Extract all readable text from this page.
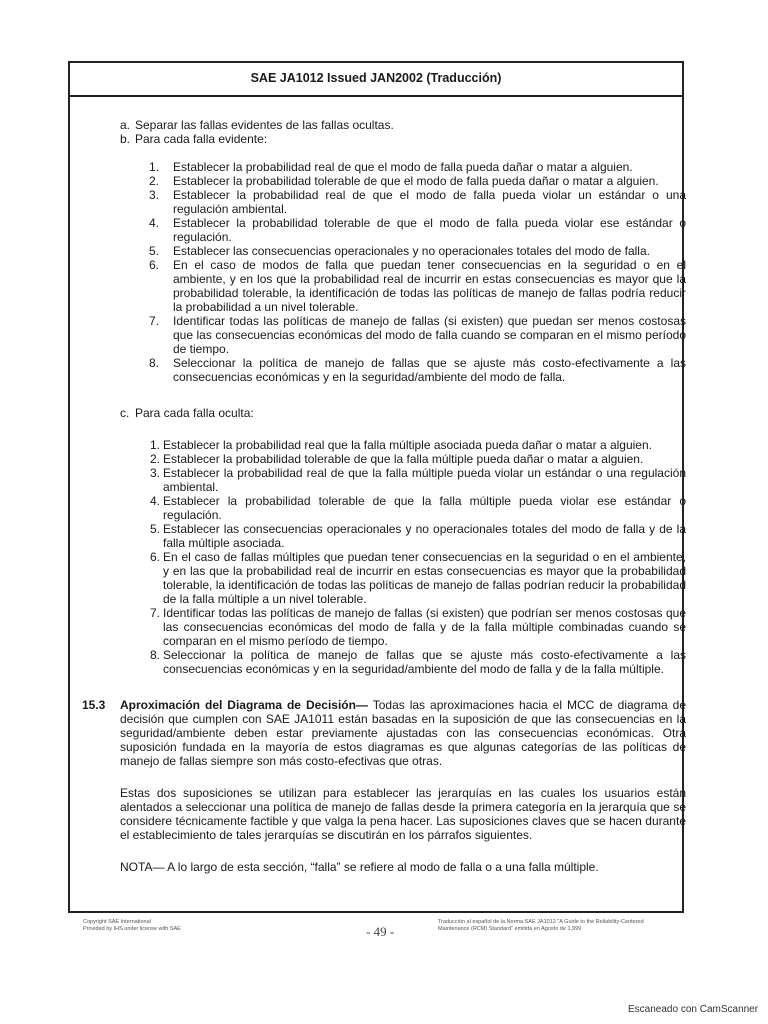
SAE JA1012 Issued JAN2002 (Traducción)
a. Separar las fallas evidentes de las fallas ocultas.
b. Para cada falla evidente:
1. Establecer la probabilidad real de que el modo de falla pueda dañar o matar a alguien.
2. Establecer la probabilidad tolerable de que el modo de falla pueda dañar o matar a alguien.
3. Establecer la probabilidad real de que el modo de falla pueda violar un estándar o una regulación ambiental.
4. Establecer la probabilidad tolerable de que el modo de falla pueda violar ese estándar o regulación.
5. Establecer las consecuencias operacionales y no operacionales totales del modo de falla.
6. En el caso de modos de falla que puedan tener consecuencias en la seguridad o en el ambiente, y en los que la probabilidad real de incurrir en estas consecuencias es mayor que la probabilidad tolerable, la identificación de todas las políticas de manejo de fallas podría reducir la probabilidad a un nivel tolerable.
7. Identificar todas las políticas de manejo de fallas (si existen) que puedan ser menos costosas que las consecuencias económicas del modo de falla cuando se comparan en el mismo período de tiempo.
8. Seleccionar la política de manejo de fallas que se ajuste más costo-efectivamente a las consecuencias económicas y en la seguridad/ambiente del modo de falla.
c. Para cada falla oculta:
1. Establecer la probabilidad real que la falla múltiple asociada pueda dañar o matar a alguien.
2. Establecer la probabilidad tolerable de que la falla múltiple pueda dañar o matar a alguien.
3. Establecer la probabilidad real de que la falla múltiple pueda violar un estándar o una regulación ambiental.
4. Establecer la probabilidad tolerable de que la falla múltiple pueda violar ese estándar o regulación.
5. Establecer las consecuencias operacionales y no operacionales totales del modo de falla y de la falla múltiple asociada.
6. En el caso de fallas múltiples que puedan tener consecuencias en la seguridad o en el ambiente, y en las que la probabilidad real de incurrir en estas consecuencias es mayor que la probabilidad tolerable, la identificación de todas las políticas de manejo de fallas podrían reducir la probabilidad de la falla múltiple a un nivel tolerable.
7. Identificar todas las políticas de manejo de fallas (si existen) que podrían ser menos costosas que las consecuencias económicas del modo de falla y de la falla múltiple combinadas cuando se comparan en el mismo período de tiempo.
8. Seleccionar la política de manejo de fallas que se ajuste más costo-efectivamente a las consecuencias económicas y en la seguridad/ambiente del modo de falla y de la falla múltiple.
15.3 Aproximación del Diagrama de Decisión— Todas las aproximaciones hacia el MCC de diagrama de decisión que cumplen con SAE JA1011 están basadas en la suposición de que las consecuencias en la seguridad/ambiente deben estar previamente ajustadas con las consecuencias económicas. Otra suposición fundada en la mayoría de estos diagramas es que algunas categorías de las políticas de manejo de fallas siempre son más costo-efectivas que otras.

Estas dos suposiciones se utilizan para establecer las jerarquías en las cuales los usuarios están alentados a seleccionar una política de manejo de fallas desde la primera categoría en la jerarquía que se considere técnicamente factible y que valga la pena hacer. Las suposiciones claves que se hacen durante el establecimiento de tales jerarquías se discutirán en los párrafos siguientes.

NOTA— A lo largo de esta sección, “falla” se refiere al modo de falla o a una falla múltiple.

Copyright SAE International
Provided by IHS under license with SAE	- 49 -
Traducción al español de la Norma SAE JA1012 "A Guide to the Reliability-Centered
Maintenance (RCM) Standard" emitida en Agosto de 1,999
Escaneado con CamScanner
